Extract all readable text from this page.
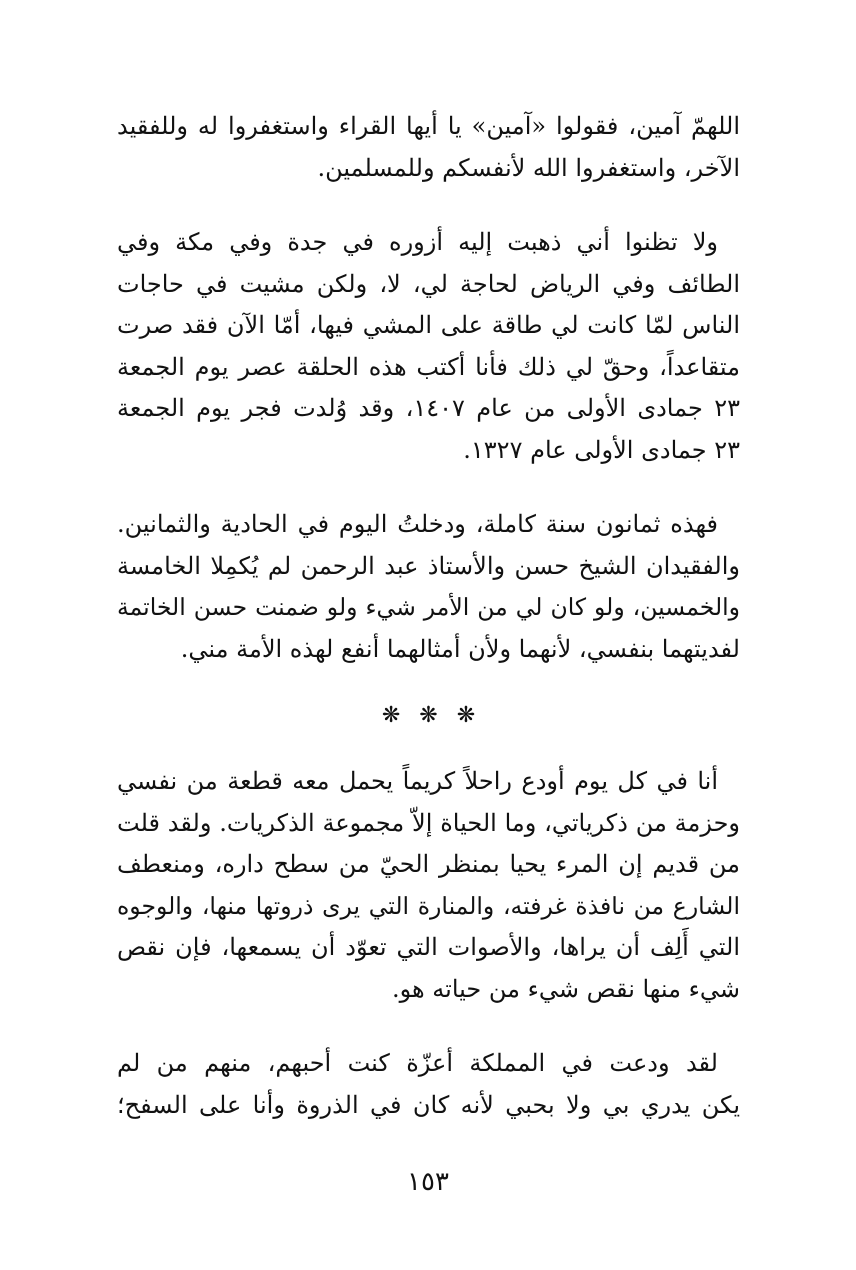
اللهمّ آمين، فقولوا «آمين» يا أيها القراء واستغفروا له وللفقيد
الآخر، واستغفروا الله لأنفسكم وللمسلمين.
ولا تظنوا أني ذهبت إليه أزوره في جدة وفي مكة وفي
الطائف وفي الرياض لحاجة لي، لا، ولكن مشيت في حاجات
الناس لمّا كانت لي طاقة على المشي فيها، أمّا الآن فقد صرت
متقاعداً، وحقّ لي ذلك فأنا أكتب هذه الحلقة عصر يوم الجمعة
٢٣ جمادى الأولى من عام ١٤٠٧، وقد وُلدت فجر يوم الجمعة
٢٣ جمادى الأولى عام ١٣٢٧.
فهذه ثمانون سنة كاملة، ودخلتُ اليوم في الحادية والثمانين.
والفقيدان الشيخ حسن والأستاذ عبد الرحمن لم يُكمِلا الخامسة
والخمسين، ولو كان لي من الأمر شيء ولو ضمنت حسن الخاتمة
لفديتهما بنفسي، لأنهما ولأن أمثالهما أنفع لهذه الأمة مني.
❋ ❋ ❋
أنا في كل يوم أودع راحلاً كريماً يحمل معه قطعة من نفسي
وحزمة من ذكرياتي، وما الحياة إلاّ مجموعة الذكريات. ولقد قلت
من قديم إن المرء يحيا بمنظر الحيّ من سطح داره، ومنعطف
الشارع من نافذة غرفته، والمنارة التي يرى ذروتها منها، والوجوه
التي أَلِف أن يراها، والأصوات التي تعوّد أن يسمعها، فإن نقص
شيء منها نقص شيء من حياته هو.
لقد ودعت في المملكة أعزّة كنت أحبهم، منهم من لم
يكن يدري بي ولا بحبي لأنه كان في الذروة وأنا على السفح؛
١٥٣
